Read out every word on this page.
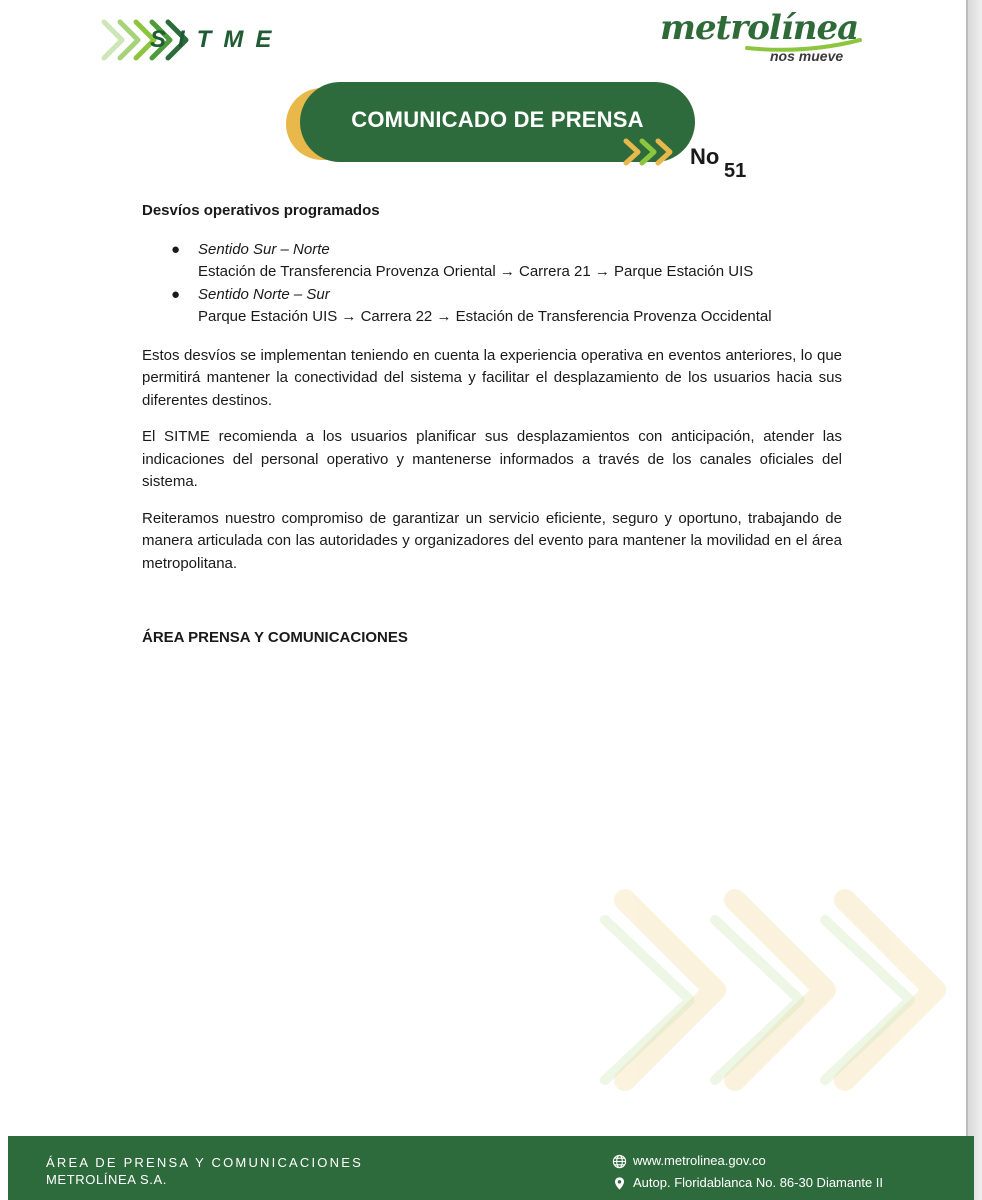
SITME	metrolínea
nos mueve
COMUNICADO DE PRENSA
No
51
Desvíos operativos programados
● Sentido Sur – Norte
Estación de Transferencia Provenza Oriental → Carrera 21 → Parque Estación UIS
● Sentido Norte – Sur
Parque Estación UIS → Carrera 22 → Estación de Transferencia Provenza Occidental

Estos desvíos se implementan teniendo en cuenta la experiencia operativa en eventos anteriores, lo que permitirá mantener la conectividad del sistema y facilitar el desplazamiento de los usuarios hacia sus diferentes destinos.

El SITME recomienda a los usuarios planificar sus desplazamientos con anticipación, atender las indicaciones del personal operativo y mantenerse informados a través de los canales oficiales del sistema.

Reiteramos nuestro compromiso de garantizar un servicio eficiente, seguro y oportuno, trabajando de manera articulada con las autoridades y organizadores del evento para mantener la movilidad en el área metropolitana.

ÁREA PRENSA Y COMUNICACIONES
ÁREA DE PRENSA Y COMUNICACIONES
METROLÍNEA S.A.
www.metrolinea.gov.co
Autop. Floridablanca No. 86-30 Diamante II
